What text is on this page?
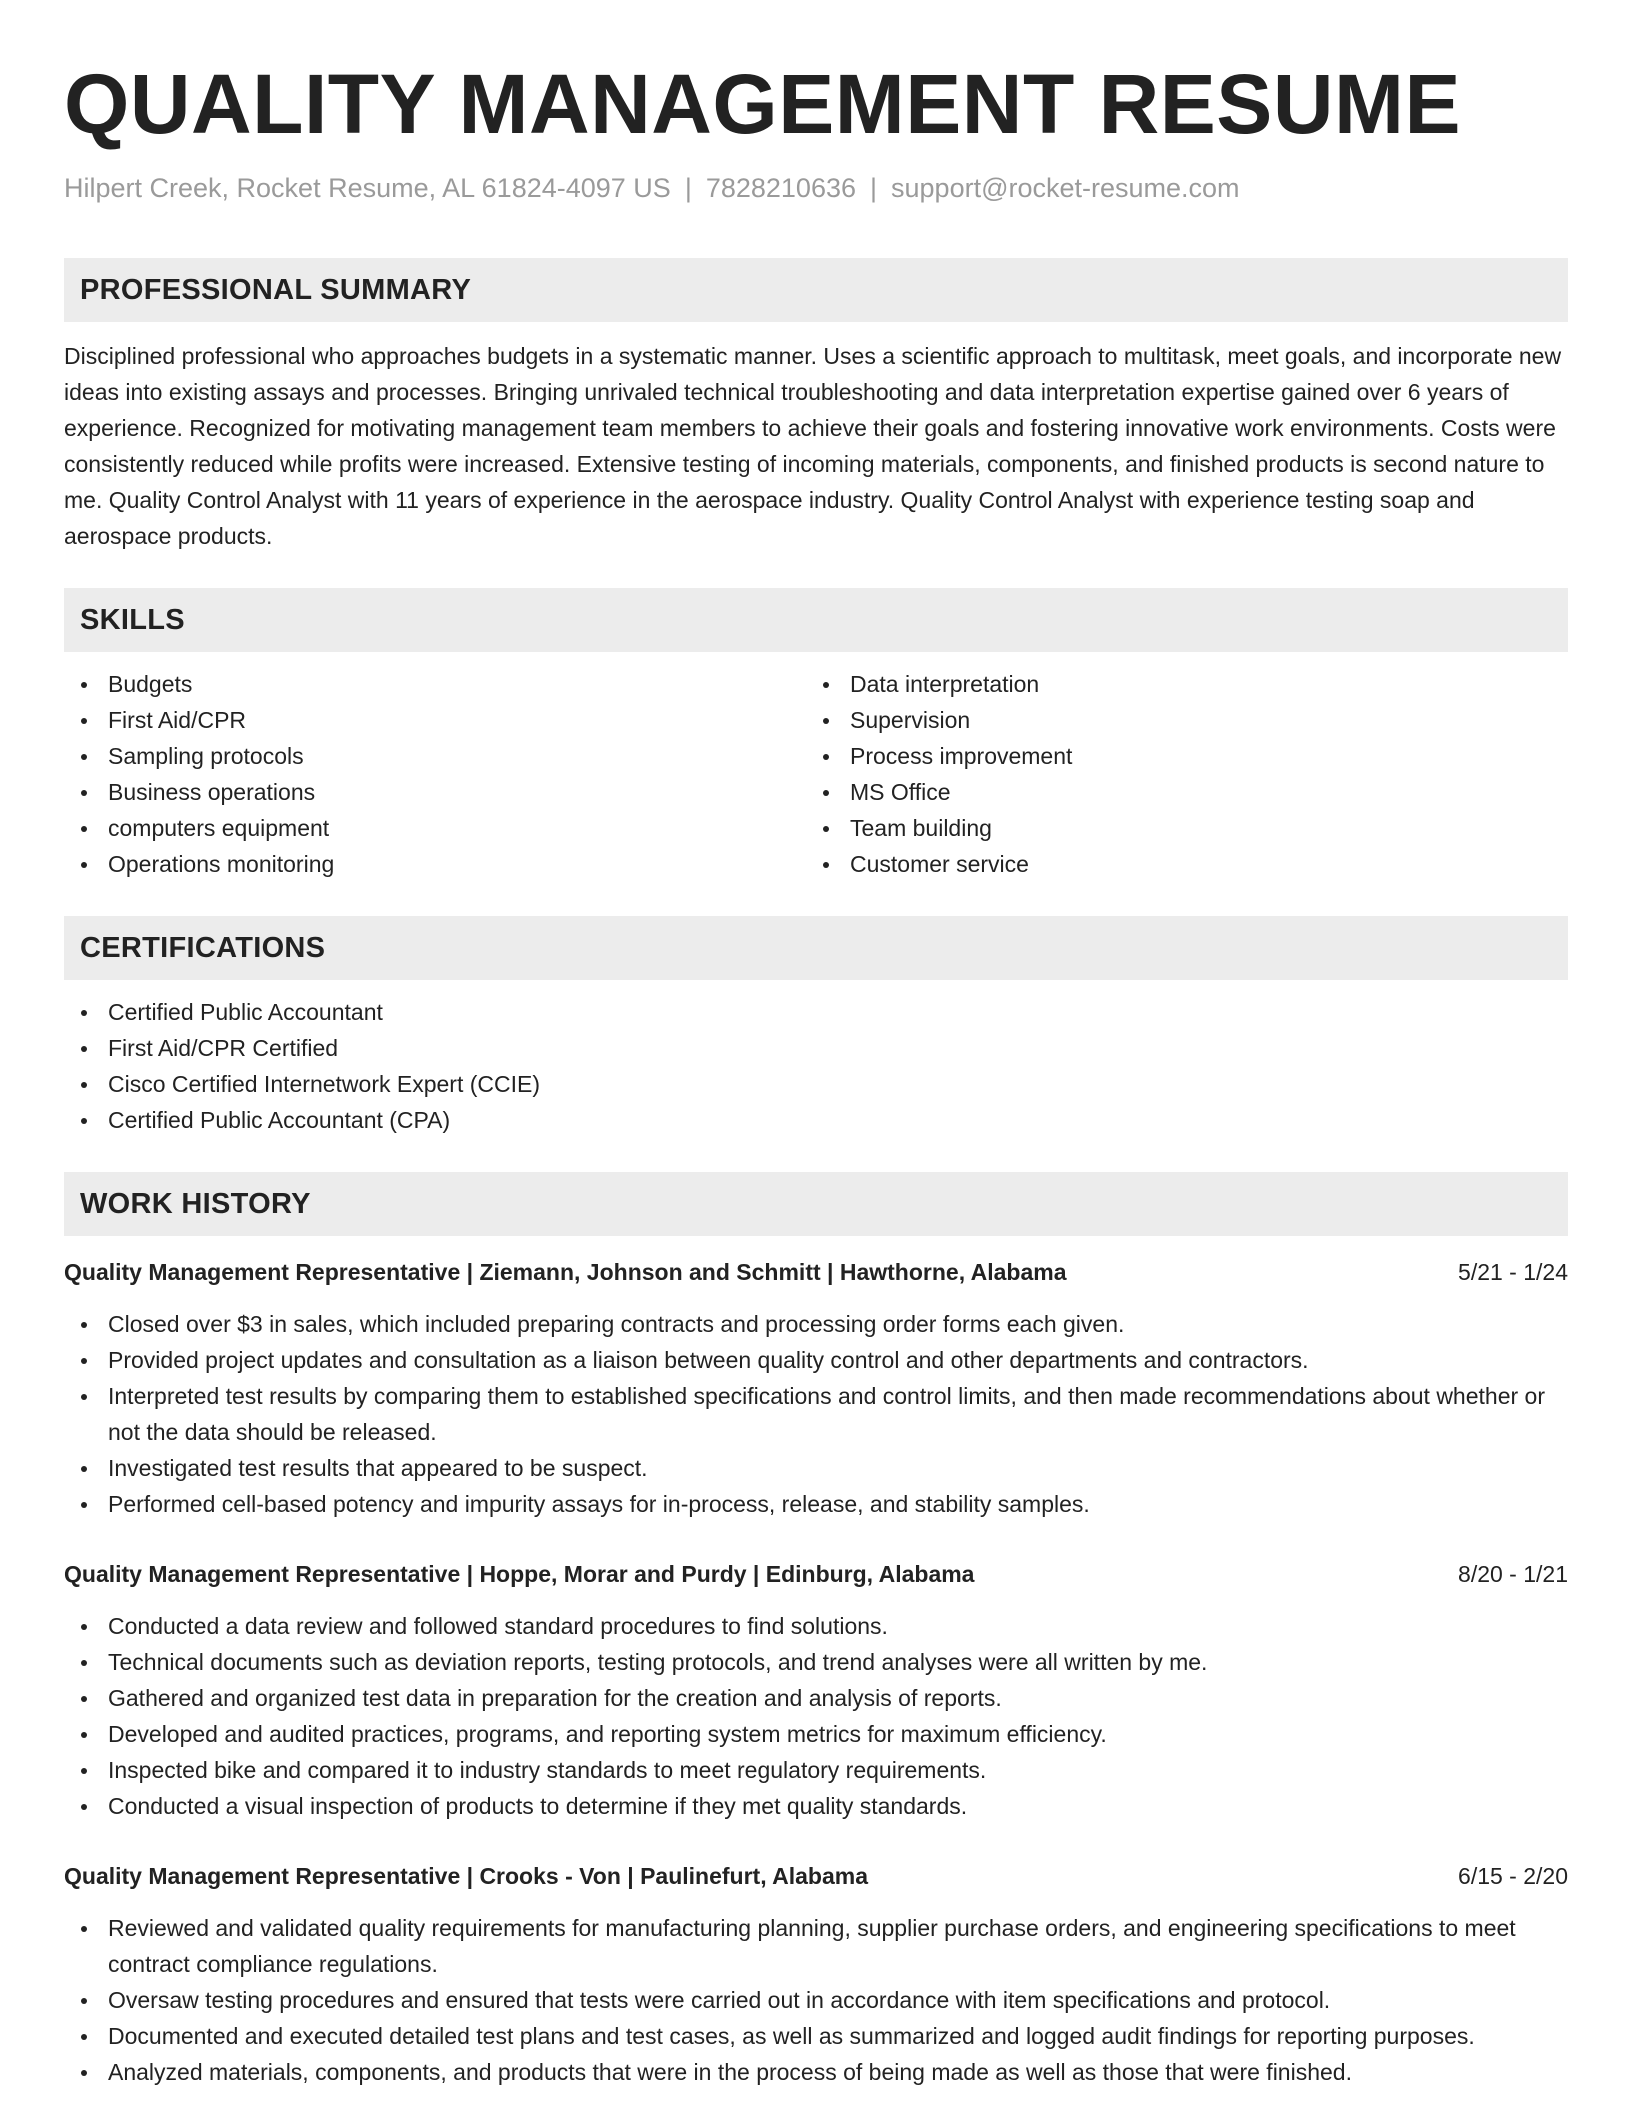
QUALITY MANAGEMENT RESUME
Hilpert Creek, Rocket Resume, AL 61824-4097 US | 7828210636 | support@rocket-resume.com
PROFESSIONAL SUMMARY
Disciplined professional who approaches budgets in a systematic manner. Uses a scientific approach to multitask, meet goals, and incorporate new ideas into existing assays and processes. Bringing unrivaled technical troubleshooting and data interpretation expertise gained over 6 years of experience. Recognized for motivating management team members to achieve their goals and fostering innovative work environments. Costs were consistently reduced while profits were increased. Extensive testing of incoming materials, components, and finished products is second nature to me. Quality Control Analyst with 11 years of experience in the aerospace industry. Quality Control Analyst with experience testing soap and aerospace products.
SKILLS
Budgets
First Aid/CPR
Sampling protocols
Business operations
computers equipment
Operations monitoring
Data interpretation
Supervision
Process improvement
MS Office
Team building
Customer service
CERTIFICATIONS
Certified Public Accountant
First Aid/CPR Certified
Cisco Certified Internetwork Expert (CCIE)
Certified Public Accountant (CPA)
WORK HISTORY
Quality Management Representative | Ziemann, Johnson and Schmitt | Hawthorne, Alabama	5/21 - 1/24
Closed over $3 in sales, which included preparing contracts and processing order forms each given.
Provided project updates and consultation as a liaison between quality control and other departments and contractors.
Interpreted test results by comparing them to established specifications and control limits, and then made recommendations about whether or not the data should be released.
Investigated test results that appeared to be suspect.
Performed cell-based potency and impurity assays for in-process, release, and stability samples.
Quality Management Representative | Hoppe, Morar and Purdy | Edinburg, Alabama	8/20 - 1/21
Conducted a data review and followed standard procedures to find solutions.
Technical documents such as deviation reports, testing protocols, and trend analyses were all written by me.
Gathered and organized test data in preparation for the creation and analysis of reports.
Developed and audited practices, programs, and reporting system metrics for maximum efficiency.
Inspected bike and compared it to industry standards to meet regulatory requirements.
Conducted a visual inspection of products to determine if they met quality standards.
Quality Management Representative | Crooks - Von | Paulinefurt, Alabama	6/15 - 2/20
Reviewed and validated quality requirements for manufacturing planning, supplier purchase orders, and engineering specifications to meet contract compliance regulations.
Oversaw testing procedures and ensured that tests were carried out in accordance with item specifications and protocol.
Documented and executed detailed test plans and test cases, as well as summarized and logged audit findings for reporting purposes.
Analyzed materials, components, and products that were in the process of being made as well as those that were finished.
